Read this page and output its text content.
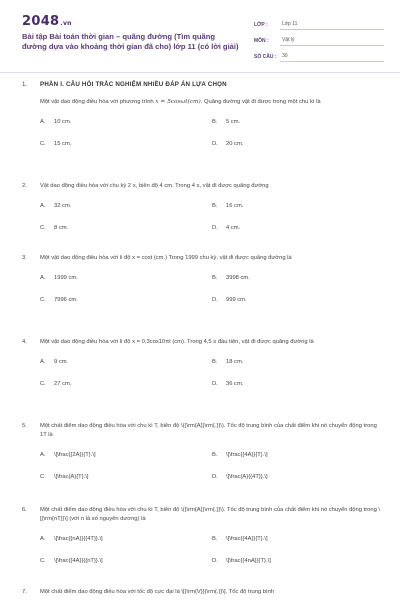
2048.vn
Bài tập Bài toán thời gian – quãng đường (Tìm quãng đường dựa vào khoảng thời gian đã cho) lớp 11 (có lời giải)
LỚP :	Lớp 11
MÔN :	Vật lý
SỐ CÂU :	30
1.	PHẦN I. CÂU HỎI TRẮC NGHIỆM NHIỀU ĐÁP ÁN LỰA CHỌN
Một vật dao động điều hòa với phương trình x = 5cosωt(cm). Quãng đường vật đi được trong một chu kì là
A.	10 cm.	B.	5 cm.
C.	15 cm.	D.	20 cm.
2.	Vật dao động điều hòa với chu kỳ 2 s, biên độ 4 cm. Trong 4 s, vật đi được quãng đường
A.	32 cm.	B.	16 cm.
C.	8 cm.	D.	4 cm.
3.	Một vật dao động điều hòa với li độ x = cost (cm.) Trong 1999 chu kỳ, vật đi được quãng đường là
A.	1999 cm.	B.	3998 cm.
C.	7996 cm.	D.	999 cm.
4.	Một vật dao động điều hòa với li độ x = 0,3cos10πt (cm). Trong 4,5 s đầu tiên, vật đi được quãng đường là
A.	9 cm.	B.	18 cm.
C.	27 cm.	D.	36 cm.
5.	Một chất điểm dao động điều hòa với chu kì T, biên độ \({\rm{A}}\rm{.}}\). Tốc độ trung bình của chất điểm khi nó chuyển động trong 1T là
A.	\[\frac{{2A}}{T}.\]	B.	\[\frac{{4A}}{T}.\]
C.	\[\frac{A}{T}.\]	D.	\[\frac{A}{{4T}}.\]
6.	Một chất điểm dao động điều hòa với chu kì T, biên độ \({\rm{A}}\rm{.}}\). Tốc độ trung bình của chất điểm khi nó chuyển động trong \[{\rm{nT}}\] (với n là số nguyên dương) là
A.	\[\frac{{nA}}{{4T}}.\]	B.	\[\frac{{4A}}{T}.\]
C.	\[\frac{{4A}}{{nT}}.\]	D.	\[\frac{{4nA}}{T}.\]
7.	Một chất điểm dao động điều hòa với tốc độ cực đại là \[{\rm{V}}{\rm{.}}\]. Tốc độ trung bình
